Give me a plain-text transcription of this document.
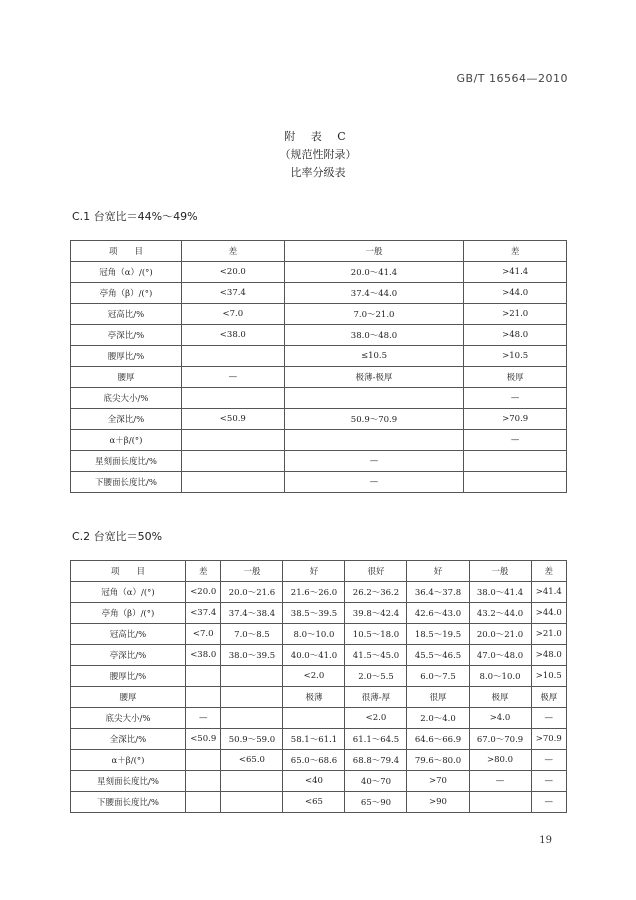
GB/T 16564—2010
附 表 C
（规范性附录）
比率分级表
C.1 台宽比＝44%～49%
项　　目	差	一般	差
冠角（α）/(°)	<20.0	20.0～41.4	>41.4
亭角（β）/(°)	<37.4	37.4～44.0	>44.0
冠高比/%	<7.0	7.0～21.0	>21.0
亭深比/%	<38.0	38.0～48.0	>48.0
腰厚比/%		≤10.5	>10.5
腰厚	—	极薄-极厚	极厚
底尖大小/%			—
全深比/%	<50.9	50.9～70.9	>70.9
α＋β/(°)			—
星刻面长度比/%		—	
下腰面长度比/%		—	
C.2 台宽比＝50%
项　　目	差	一般	好	很好	好	一般	差
冠角（α）/(°)	<20.0	20.0～21.6	21.6～26.0	26.2～36.2	36.4～37.8	38.0～41.4	>41.4
亭角（β）/(°)	<37.4	37.4～38.4	38.5～39.5	39.8～42.4	42.6～43.0	43.2～44.0	>44.0
冠高比/%	<7.0	7.0～8.5	8.0～10.0	10.5～18.0	18.5～19.5	20.0～21.0	>21.0
亭深比/%	<38.0	38.0～39.5	40.0～41.0	41.5～45.0	45.5～46.5	47.0～48.0	>48.0
腰厚比/%			<2.0	2.0～5.5	6.0～7.5	8.0～10.0	>10.5
腰厚			极薄	很薄-厚	很厚	极厚	极厚
底尖大小/%	—			<2.0	2.0～4.0	>4.0	—
全深比/%	<50.9	50.9～59.0	58.1～61.1	61.1～64.5	64.6～66.9	67.0～70.9	>70.9
α＋β/(°)		<65.0	65.0～68.6	68.8～79.4	79.6～80.0	>80.0	—
星刻面长度比/%			<40	40～70	>70	—	—
下腰面长度比/%			<65	65～90	>90		—
19
